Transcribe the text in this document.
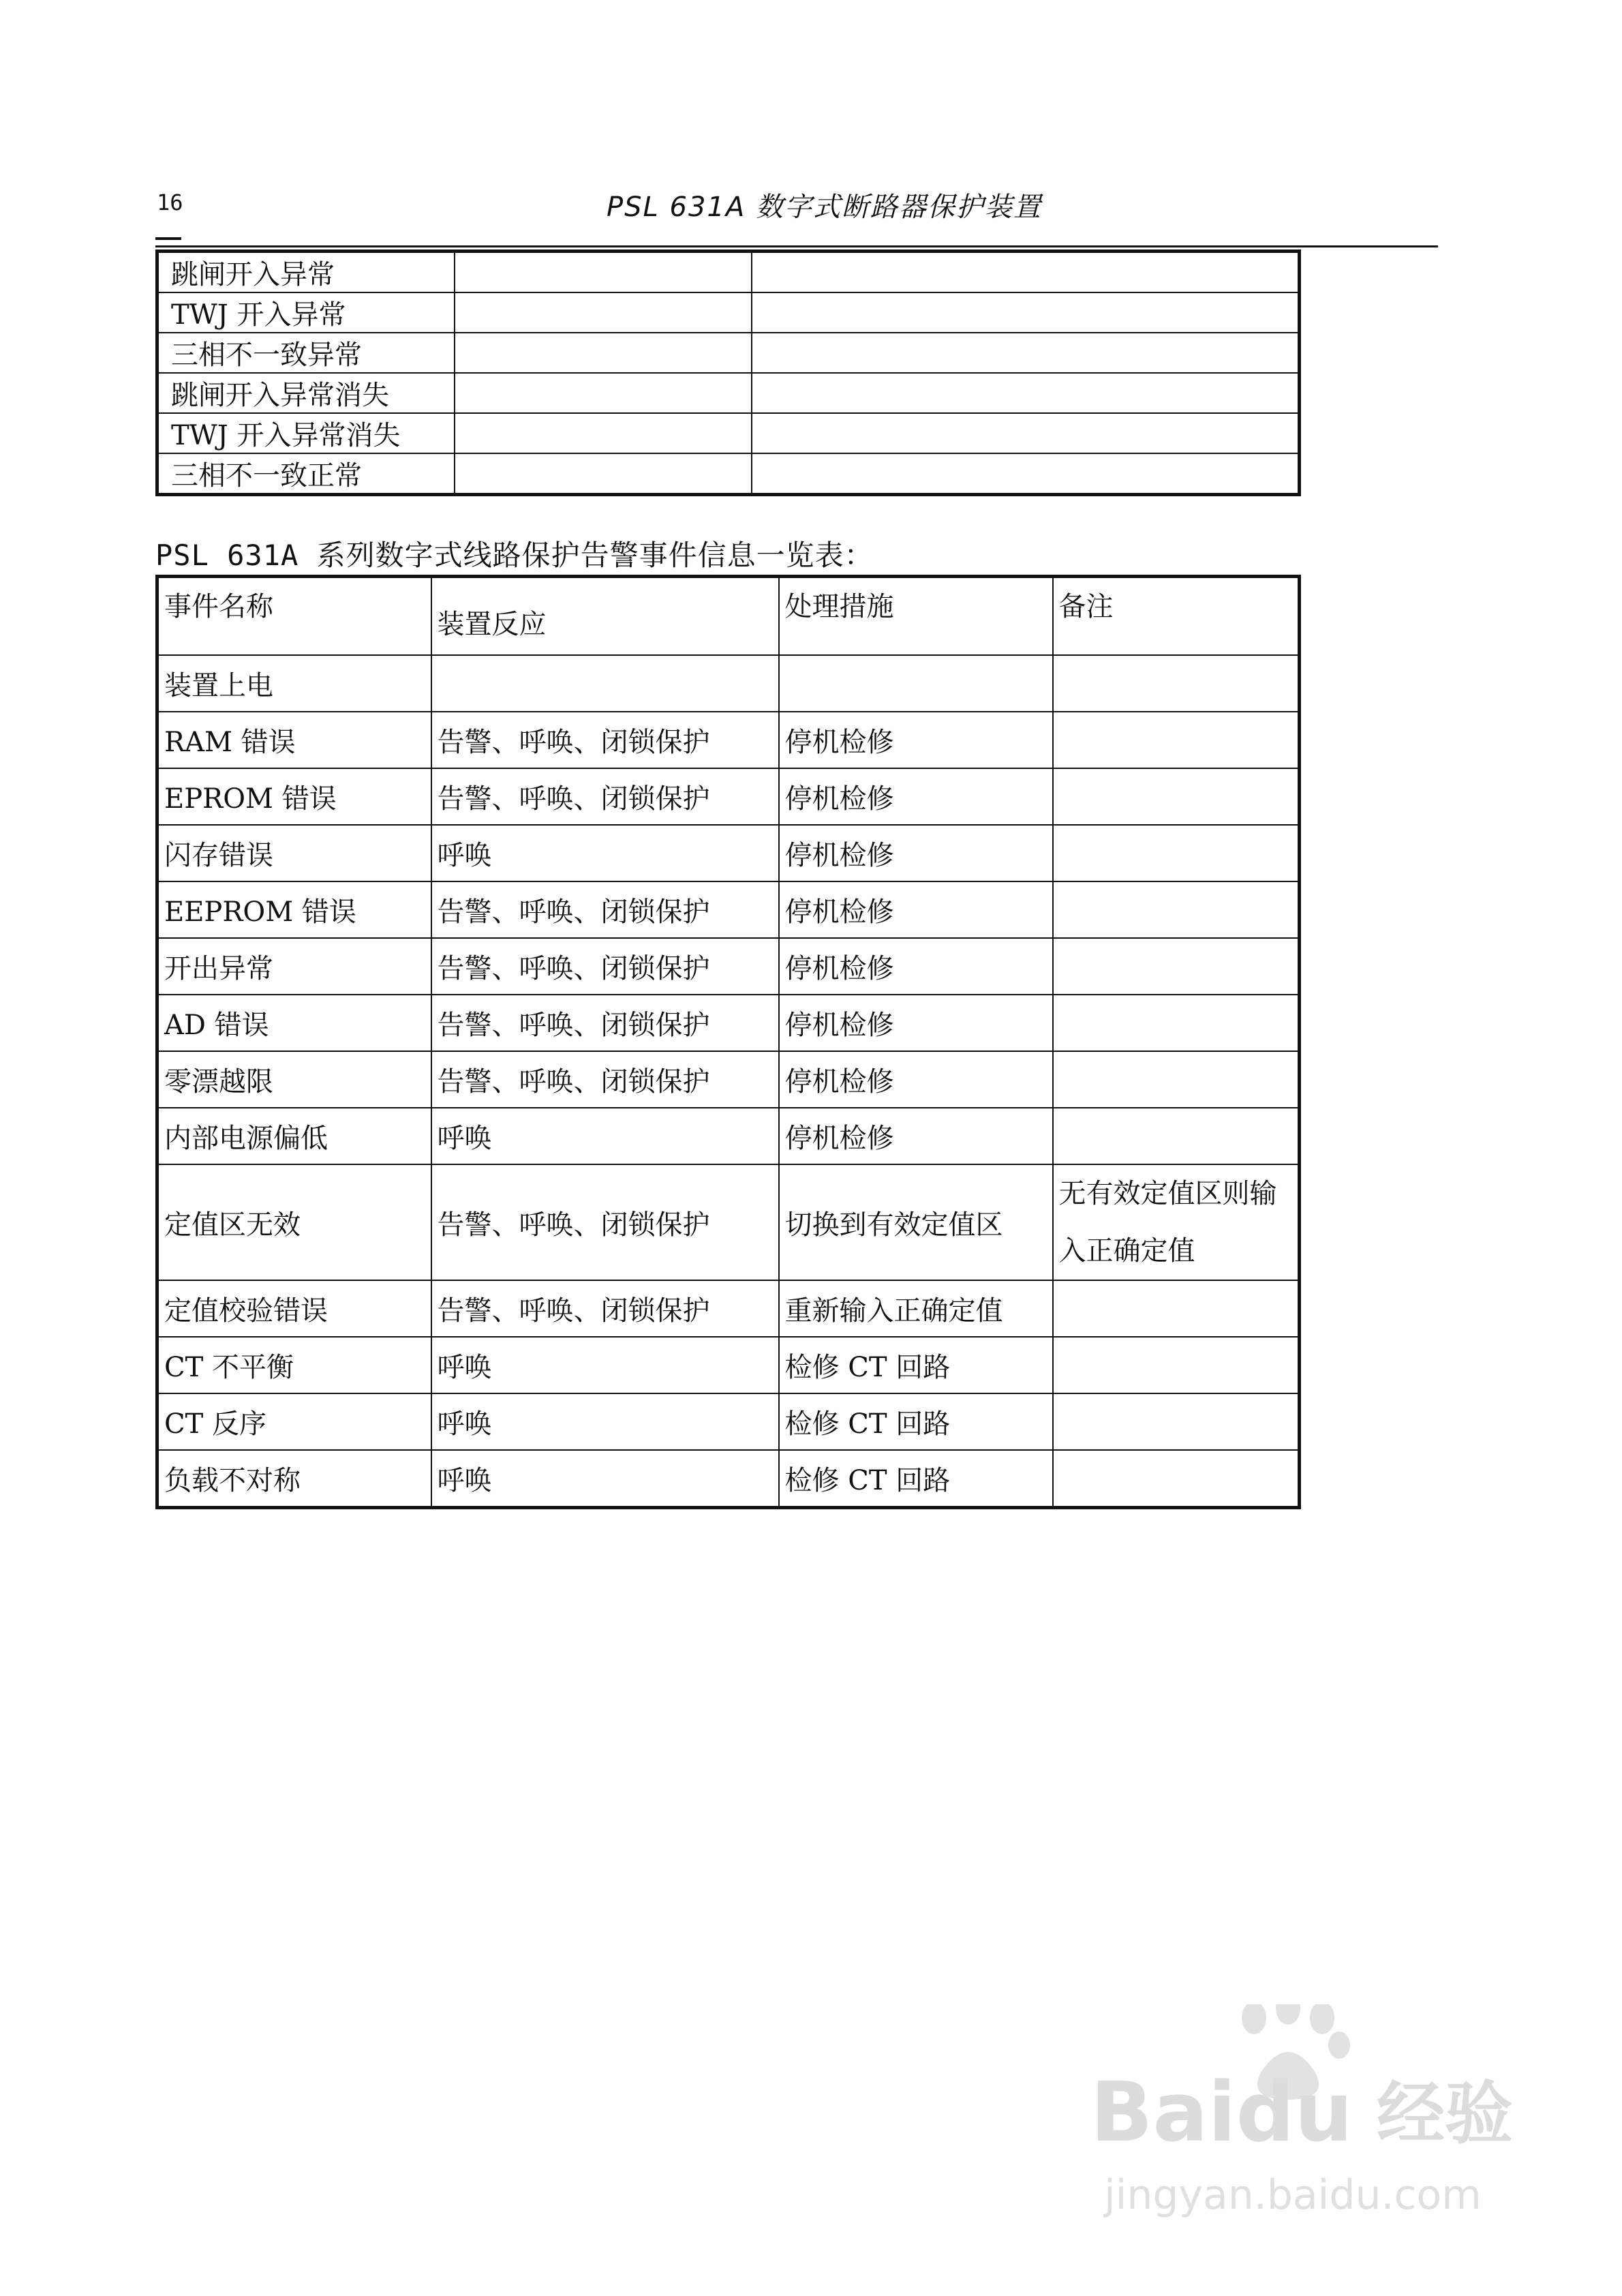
16	PSL 631A 数字式断路器保护装置
跳闸开入异常		
TWJ 开入异常		
三相不一致异常		
跳闸开入异常消失		
TWJ 开入异常消失		
三相不一致正常		
PSL 631A 系列数字式线路保护告警事件信息一览表：
事件名称	装置反应	处理措施	备注
装置上电			
RAM 错误	告警、呼唤、闭锁保护	停机检修	
EPROM 错误	告警、呼唤、闭锁保护	停机检修	
闪存错误	呼唤	停机检修	
EEPROM 错误	告警、呼唤、闭锁保护	停机检修	
开出异常	告警、呼唤、闭锁保护	停机检修	
AD 错误	告警、呼唤、闭锁保护	停机检修	
零漂越限	告警、呼唤、闭锁保护	停机检修	
内部电源偏低	呼唤	停机检修	
定值区无效	告警、呼唤、闭锁保护	切换到有效定值区	无有效定值区则输入正确定值
定值校验错误	告警、呼唤、闭锁保护	重新输入正确定值	
CT 不平衡	呼唤	检修 CT 回路	
CT 反序	呼唤	检修 CT 回路	
负载不对称	呼唤	检修 CT 回路	
Baidu 经验
jingyan.baidu.com
